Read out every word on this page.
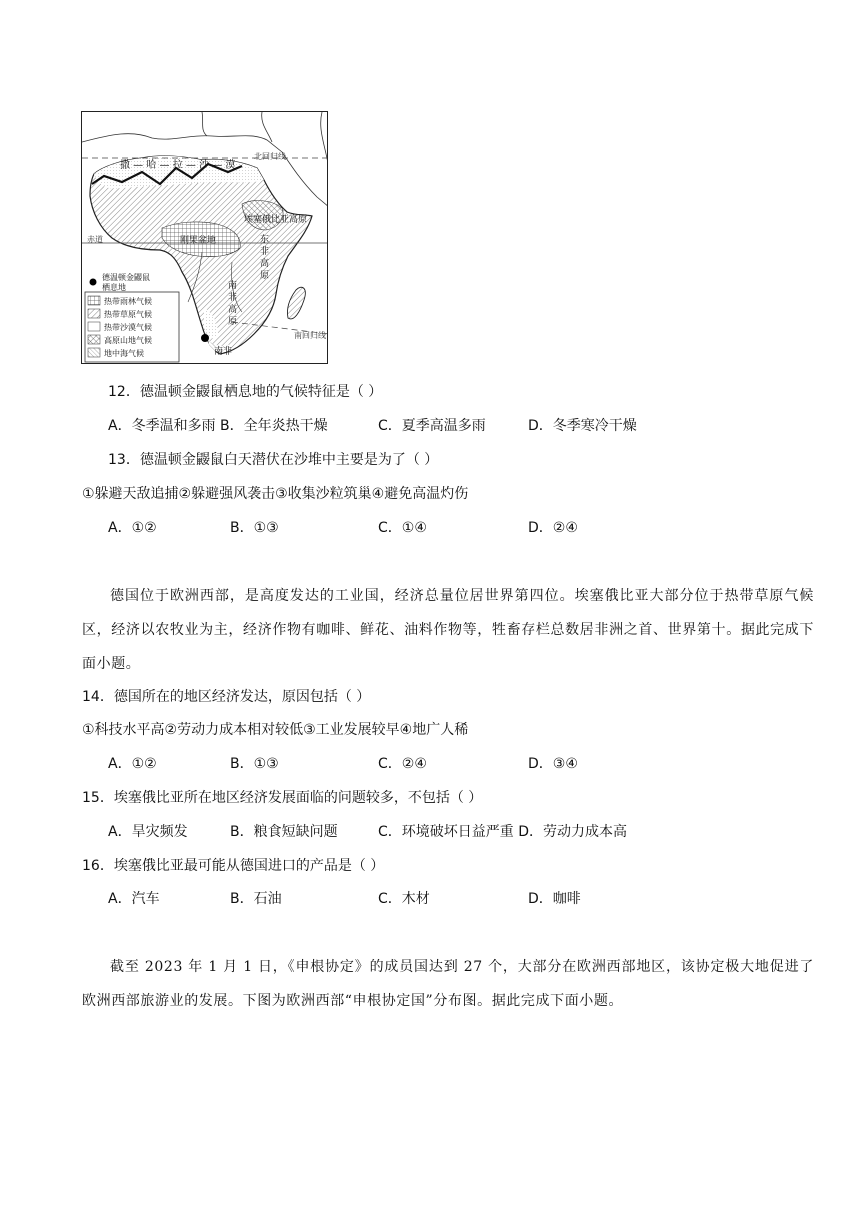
撒 — 哈 — 拉 — 沙 — 漠
北回归线
赤道
埃塞俄比亚高原
刚果盆地	东
非
高
原
南
非
高
原
南回归线
南非
德温顿金鼹鼠
栖息地
热带雨林气候
热带草原气候
热带沙漠气候
高原山地气候
地中海气候
12．德温顿金鼹鼠栖息地的气候特征是（ ）
A．冬季温和多雨 B．全年炎热干燥	C．夏季高温多雨	D．冬季寒冷干燥
13．德温顿金鼹鼠白天潜伏在沙堆中主要是为了（ ）
①躲避天敌追捕②躲避强风袭击③收集沙粒筑巢④避免高温灼伤
A．①②	B．①③	C．①④	D．②④
德国位于欧洲西部，是高度发达的工业国，经济总量位居世界第四位。埃塞俄比亚大部分位于热带草原气候区，经济以农牧业为主，经济作物有咖啡、鲜花、油料作物等，牲畜存栏总数居非洲之首、世界第十。据此完成下面小题。
14．德国所在的地区经济发达，原因包括（ ）
①科技水平高②劳动力成本相对较低③工业发展较早④地广人稀
A．①②	B．①③	C．②④	D．③④
15．埃塞俄比亚所在地区经济发展面临的问题较多，不包括（ ）
A．旱灾频发	B．粮食短缺问题	C．环境破坏日益严重 D．劳动力成本高
16．埃塞俄比亚最可能从德国进口的产品是（ ）
A．汽车	B．石油	C．木材	D．咖啡
截至 2023 年 1 月 1 日，《申根协定》的成员国达到 27 个，大部分在欧洲西部地区，该协定极大地促进了欧洲西部旅游业的发展。下图为欧洲西部“申根协定国”分布图。据此完成下面小题。
